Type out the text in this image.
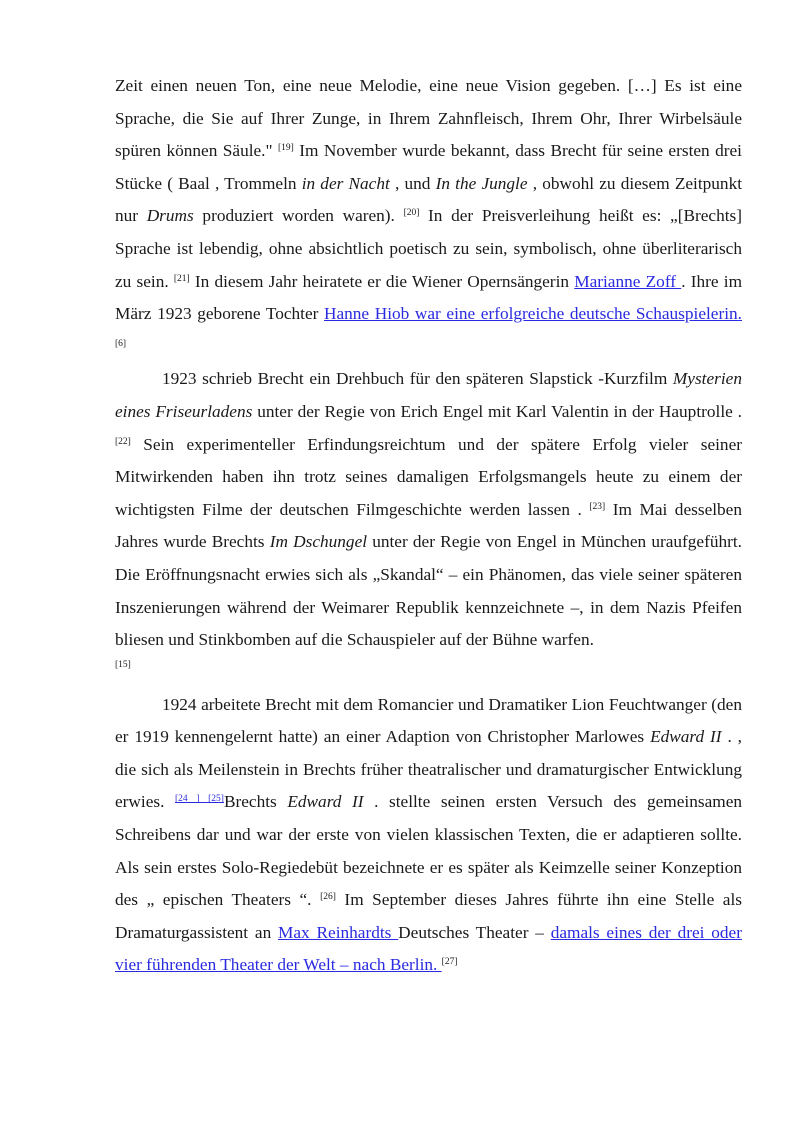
Zeit einen neuen Ton, eine neue Melodie, eine neue Vision gegeben. […] Es ist eine Sprache, die Sie auf Ihrer Zunge, in Ihrem Zahnfleisch, Ihrem Ohr, Ihrer Wirbelsäule spüren können Säule." [19] Im November wurde bekannt, dass Brecht für seine ersten drei Stücke ( Baal , Trommeln in der Nacht , und In the Jungle , obwohl zu diesem Zeitpunkt nur Drums produziert worden waren). [20] In der Preisverleihung heißt es: „[Brechts] Sprache ist lebendig, ohne absichtlich poetisch zu sein, symbolisch, ohne überliterarisch zu sein. [21] In diesem Jahr heiratete er die Wiener Opernsängerin Marianne Zoff . Ihre im März 1923 geborene Tochter Hanne Hiob war eine erfolgreiche deutsche Schauspielerin. [6]

1923 schrieb Brecht ein Drehbuch für den späteren Slapstick -Kurzfilm Mysterien eines Friseurladens unter der Regie von Erich Engel mit Karl Valentin in der Hauptrolle . [22] Sein experimenteller Erfindungsreichtum und der spätere Erfolg vieler seiner Mitwirkenden haben ihn trotz seines damaligen Erfolgsmangels heute zu einem der wichtigsten Filme der deutschen Filmgeschichte werden lassen . [23] Im Mai desselben Jahres wurde Brechts Im Dschungel unter der Regie von Engel in München uraufgeführt. Die Eröffnungsnacht erwies sich als „Skandal“ – ein Phänomen, das viele seiner späteren Inszenierungen während der Weimarer Republik kennzeichnete –, in dem Nazis Pfeifen bliesen und Stinkbomben auf die Schauspieler auf der Bühne warfen.

[15]

1924 arbeitete Brecht mit dem Romancier und Dramatiker Lion Feuchtwanger (den er 1919 kennengelernt hatte) an einer Adaption von Christopher Marlowes Edward II . , die sich als Meilenstein in Brechts früher theatralischer und dramaturgischer Entwicklung erwies. [24 ] [25]Brechts Edward II . stellte seinen ersten Versuch des gemeinsamen Schreibens dar und war der erste von vielen klassischen Texten, die er adaptieren sollte. Als sein erstes Solo-Regiedebüt bezeichnete er es später als Keimzelle seiner Konzeption des „ epischen Theaters “. [26] Im September dieses Jahres führte ihn eine Stelle als Dramaturgassistent an Max Reinhardts Deutsches Theater – damals eines der drei oder vier führenden Theater der Welt – nach Berlin. [27]
